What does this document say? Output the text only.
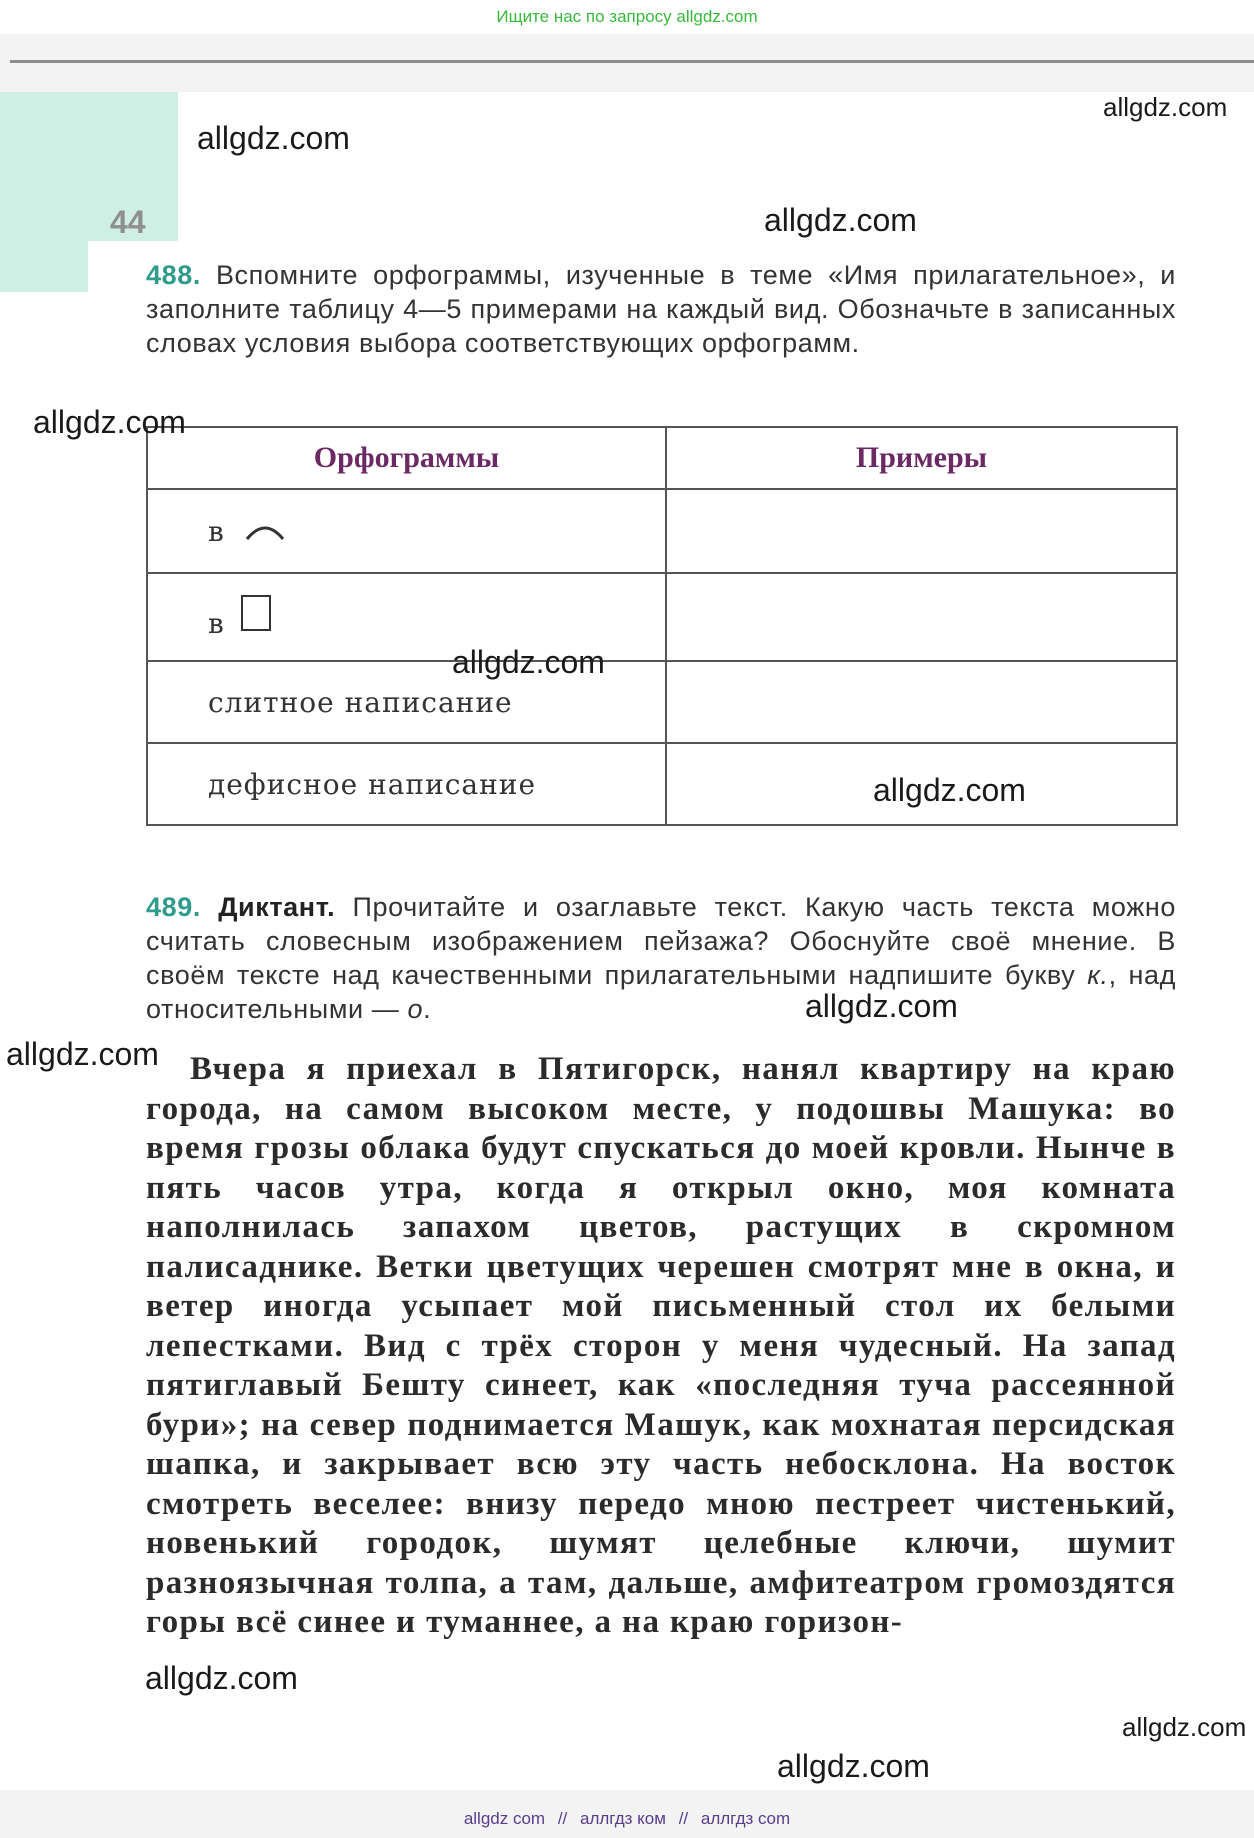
Ищите нас по запросу allgdz.com
44
488. Вспомните орфограммы, изученные в теме «Имя прилагательное», и заполните таблицу 4—5 примерами на каждый вид. Обозначьте в записанных словах условия выбора соответствующих орфограмм.
Орфограммы	Примеры
в	
в	
слитное написание	
дефисное написание	
489. Диктант. Прочитайте и озаглавьте текст. Какую часть текста можно считать словесным изображением пейзажа? Обоснуйте своё мнение. В своём тексте над качественными прилагательными надпишите букву к., над относительными — о.

Вчера я приехал в Пятигорск, нанял квартиру на краю города, на самом высоком месте, у подошвы Машука: во время грозы облака будут спускаться до моей кровли. Нынче в пять часов утра, когда я открыл окно, моя комната наполнилась запахом цветов, растущих в скромном палисаднике. Ветки цветущих черешен смотрят мне в окна, и ветер иногда усыпает мой письменный стол их белыми лепестками. Вид с трёх сторон у меня чудесный. На запад пятиглавый Бешту синеет, как «последняя туча рассеянной бури»; на север поднимается Машук, как мохнатая персидская шапка, и закрывает всю эту часть небосклона. На восток смотреть веселее: внизу передо мною пестреет чистенький, новенький городок, шумят целебные ключи, шумит разноязычная толпа, а там, дальше, амфитеатром громоздятся горы всё синее и туманнее, а на краю горизон-

allgdz.com
allgdz.com
allgdz.com
allgdz.com
allgdz.com
allgdz.com
allgdz.com
allgdz.com
allgdz.com
allgdz.com
allgdz.com
allgdz com // аллгдз ком // аллгдз com
